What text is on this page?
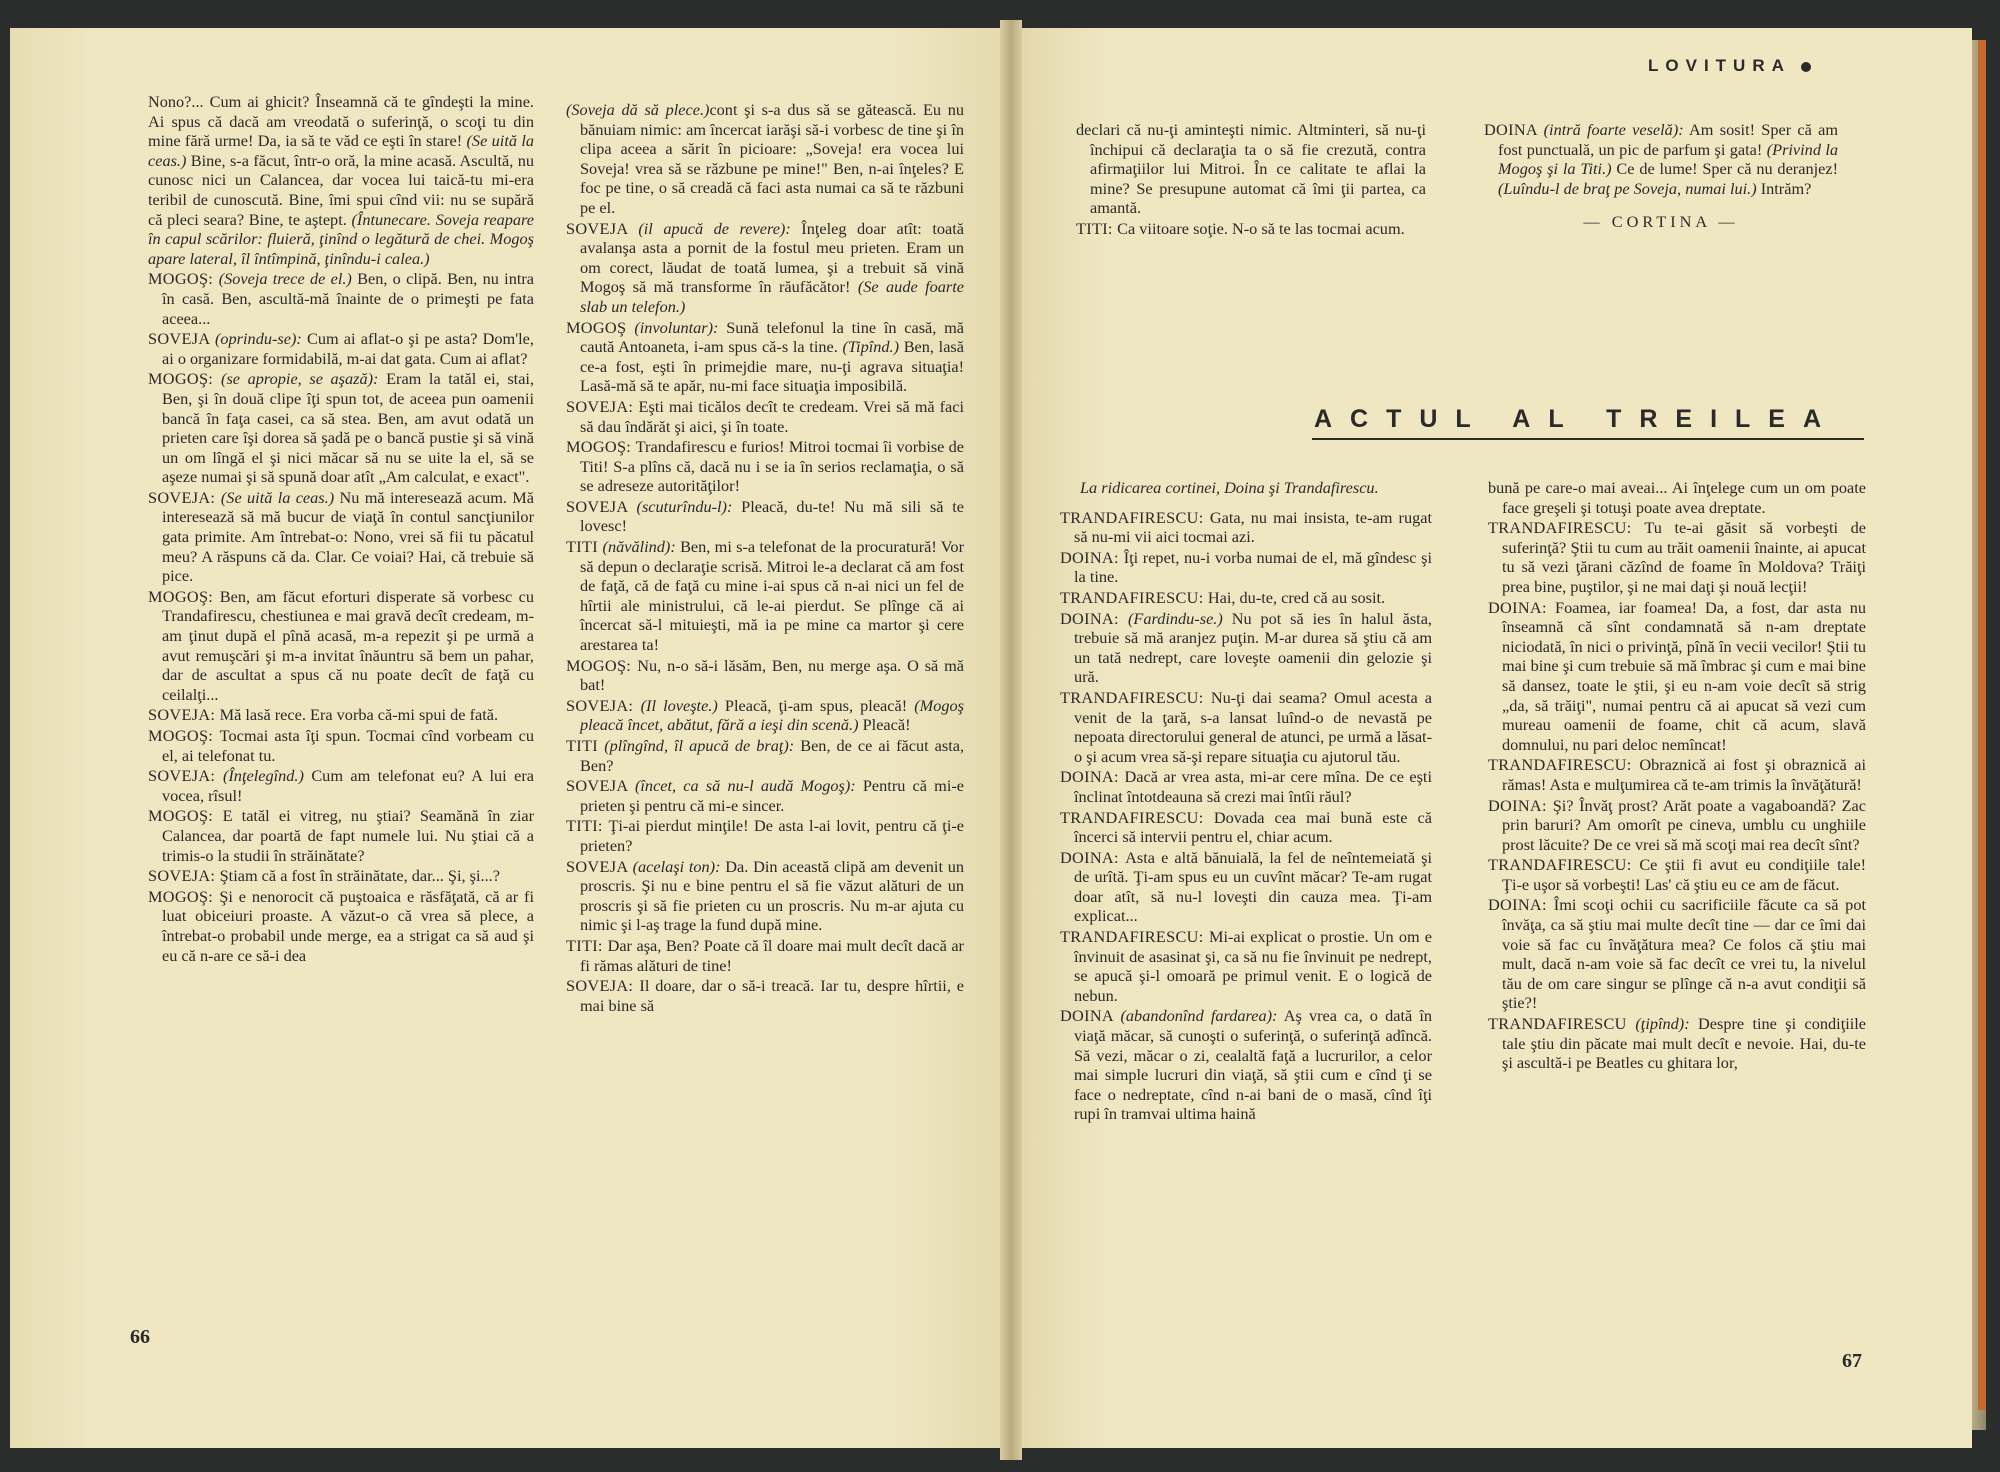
Nono?... Cum ai ghicit? Înseamnă că te gîndeşti la mine. Ai spus că dacă am vreodată o suferinţă, o scoţi tu din mine fără urme! Da, ia să te văd ce eşti în stare! (Se uită la ceas.) Bine, s-a făcut, într-o oră, la mine acasă. Ascultă, nu cunosc nici un Calancea, dar vocea lui taică-tu mi-era teribil de cunoscută. Bine, îmi spui cînd vii: nu se supără că pleci seara? Bine, te aştept. (Întunecare. Soveja reapare în capul scărilor: fluieră, ţinînd o legătură de chei. Mogoş apare lateral, îl întîmpină, ţinîndu-i calea.)

MOGOŞ: (Soveja trece de el.) Ben, o clipă. Ben, nu intra în casă. Ben, ascultă-mă înainte de o primeşti pe fata aceea...

SOVEJA (oprindu-se): Cum ai aflat-o şi pe asta? Dom'le, ai o organizare formidabilă, m-ai dat gata. Cum ai aflat?

MOGOŞ: (se apropie, se aşază): Eram la tatăl ei, stai, Ben, şi în două clipe îţi spun tot, de aceea pun oamenii bancă în faţa casei, ca să stea. Ben, am avut odată un prieten care îşi dorea să şadă pe o bancă pustie şi să vină un om lîngă el şi nici măcar să nu se uite la el, să se aşeze numai şi să spună doar atît „Am calculat, e exact".

SOVEJA: (Se uită la ceas.) Nu mă interesează acum. Mă interesează să mă bucur de viaţă în contul sancţiunilor gata primite. Am întrebat-o: Nono, vrei să fii tu păcatul meu? A răspuns că da. Clar. Ce voiai? Hai, că trebuie să pice.

MOGOŞ: Ben, am făcut eforturi disperate să vorbesc cu Trandafirescu, chestiunea e mai gravă decît credeam, m-am ţinut după el pînă acasă, m-a repezit şi pe urmă a avut remuşcări şi m-a invitat înăuntru să bem un pahar, dar de ascultat a spus că nu poate decît de faţă cu ceilalţi...

SOVEJA: Mă lasă rece. Era vorba că-mi spui de fată.

MOGOŞ: Tocmai asta îţi spun. Tocmai cînd vorbeam cu el, ai telefonat tu.

SOVEJA: (Înţelegînd.) Cum am telefonat eu? A lui era vocea, rîsul!

MOGOŞ: E tatăl ei vitreg, nu ştiai? Seamănă în ziar Calancea, dar poartă de fapt numele lui. Nu ştiai că a trimis-o la studii în străinătate?

SOVEJA: Ştiam că a fost în străinătate, dar... Şi, şi...?

MOGOŞ: Şi e nenorocit că puştoaica e răsfăţată, că ar fi luat obiceiuri proaste. A văzut-o că vrea să plece, a întrebat-o probabil unde merge, ea a strigat ca să aud şi eu că n-are ce să-i dea

(Soveja dă să plece.)cont şi s-a dus să se gătească. Eu nu bănuiam nimic: am încercat iarăşi să-i vorbesc de tine şi în clipa aceea a sărit în picioare: „Soveja! era vocea lui Soveja! vrea să se răzbune pe mine!" Ben, n-ai înţeles? E foc pe tine, o să creadă că faci asta numai ca să te răzbuni pe el.

SOVEJA (il apucă de revere): Înţeleg doar atît: toată avalanşa asta a pornit de la fostul meu prieten. Eram un om corect, lăudat de toată lumea, şi a trebuit să vină Mogoş să mă transforme în răufăcător! (Se aude foarte slab un telefon.)

MOGOŞ (involuntar): Sună telefonul la tine în casă, mă caută Antoaneta, i-am spus că-s la tine. (Tipînd.) Ben, lasă ce-a fost, eşti în primejdie mare, nu-ţi agrava situaţia! Lasă-mă să te apăr, nu-mi face situaţia imposibilă.

SOVEJA: Eşti mai ticălos decît te credeam. Vrei să mă faci să dau îndărăt şi aici, şi în toate.

MOGOŞ: Trandafirescu e furios! Mitroi tocmai îi vorbise de Titi! S-a plîns că, dacă nu i se ia în serios reclamaţia, o să se adreseze autorităţilor!

SOVEJA (scuturîndu-l): Pleacă, du-te! Nu mă sili să te lovesc!

TITI (năvălind): Ben, mi s-a telefonat de la procuratură! Vor să depun o declaraţie scrisă. Mitroi le-a declarat că am fost de faţă, că de faţă cu mine i-ai spus că n-ai nici un fel de hîrtii ale ministrului, că le-ai pierdut. Se plînge că ai încercat să-l mituieşti, mă ia pe mine ca martor şi cere arestarea ta!

MOGOŞ: Nu, n-o să-i lăsăm, Ben, nu merge aşa. O să mă bat!

SOVEJA: (Il loveşte.) Pleacă, ţi-am spus, pleacă! (Mogoş pleacă încet, abătut, fără a ieşi din scenă.) Pleacă!

TITI (plîngînd, îl apucă de braţ): Ben, de ce ai făcut asta, Ben?

SOVEJA (încet, ca să nu-l audă Mogoş): Pentru că mi-e prieten şi pentru că mi-e sincer.

TITI: Ţi-ai pierdut minţile! De asta l-ai lovit, pentru că ţi-e prieten?

SOVEJA (acelaşi ton): Da. Din această clipă am devenit un proscris. Şi nu e bine pentru el să fie văzut alături de un proscris şi să fie prieten cu un proscris. Nu m-ar ajuta cu nimic şi l-aş trage la fund după mine.

TITI: Dar aşa, Ben? Poate că îl doare mai mult decît dacă ar fi rămas alături de tine!

SOVEJA: Il doare, dar o să-i treacă. Iar tu, despre hîrtii, e mai bine să

66
LOVITURA

declari că nu-ţi aminteşti nimic. Altminteri, să nu-ţi închipui că declaraţia ta o să fie crezută, contra afirmaţiilor lui Mitroi. În ce calitate te aflai la mine? Se presupune automat că îmi ţii partea, ca amantă.

TITI: Ca viitoare soţie. N-o să te las tocmai acum.

DOINA (intră foarte veselă): Am sosit! Sper că am fost punctuală, un pic de parfum şi gata! (Privind la Mogoş şi la Titi.) Ce de lume! Sper că nu deranjez! (Luîndu-l de braţ pe Soveja, numai lui.) Intrăm?

— CORTINA —
ACTUL AL TREILEA

La ridicarea cortinei, Doina şi Trandafirescu.

TRANDAFIRESCU: Gata, nu mai insista, te-am rugat să nu-mi vii aici tocmai azi.

DOINA: Îţi repet, nu-i vorba numai de el, mă gîndesc şi la tine.

TRANDAFIRESCU: Hai, du-te, cred că au sosit.

DOINA: (Fardindu-se.) Nu pot să ies în halul ăsta, trebuie să mă aranjez puţin. M-ar durea să ştiu că am un tată nedrept, care loveşte oamenii din gelozie şi ură.

TRANDAFIRESCU: Nu-ţi dai seama? Omul acesta a venit de la ţară, s-a lansat luînd-o de nevastă pe nepoata directorului general de atunci, pe urmă a lăsat-o şi acum vrea să-şi repare situaţia cu ajutorul tău.

DOINA: Dacă ar vrea asta, mi-ar cere mîna. De ce eşti înclinat întotdeauna să crezi mai întîi răul?

TRANDAFIRESCU: Dovada cea mai bună este că încerci să intervii pentru el, chiar acum.

DOINA: Asta e altă bănuială, la fel de neîntemeiată şi de urîtă. Ţi-am spus eu un cuvînt măcar? Te-am rugat doar atît, să nu-l loveşti din cauza mea. Ţi-am explicat...

TRANDAFIRESCU: Mi-ai explicat o prostie. Un om e învinuit de asasinat şi, ca să nu fie învinuit pe nedrept, se apucă şi-l omoară pe primul venit. E o logică de nebun.

DOINA (abandonînd fardarea): Aş vrea ca, o dată în viaţă măcar, să cunoşti o suferinţă, o suferinţă adîncă. Să vezi, măcar o zi, cealaltă faţă a lucrurilor, a celor mai simple lucruri din viaţă, să ştii cum e cînd ţi se face o nedreptate, cînd n-ai bani de o masă, cînd îţi rupi în tramvai ultima haină

bună pe care-o mai aveai... Ai înţelege cum un om poate face greşeli şi totuşi poate avea dreptate.

TRANDAFIRESCU: Tu te-ai găsit să vorbeşti de suferinţă? Ştii tu cum au trăit oamenii înainte, ai apucat tu să vezi ţărani căzînd de foame în Moldova? Trăiţi prea bine, puştilor, şi ne mai daţi şi nouă lecţii!

DOINA: Foamea, iar foamea! Da, a fost, dar asta nu înseamnă că sînt condamnată să n-am dreptate niciodată, în nici o privinţă, pînă în vecii vecilor! Ştii tu mai bine şi cum trebuie să mă îmbrac şi cum e mai bine să dansez, toate le ştii, şi eu n-am voie decît să strig „da, să trăiţi", numai pentru că ai apucat să vezi cum mureau oamenii de foame, chit că acum, slavă domnului, nu pari deloc nemîncat!

TRANDAFIRESCU: Obraznică ai fost şi obraznică ai rămas! Asta e mulţumirea că te-am trimis la învăţătură!

DOINA: Şi? Învăţ prost? Arăt poate a vagaboandă? Zac prin baruri? Am omorît pe cineva, umblu cu unghiile prost lăcuite? De ce vrei să mă scoţi mai rea decît sînt?

TRANDAFIRESCU: Ce ştii fi avut eu condiţiile tale! Ţi-e uşor să vorbeşti! Las' că ştiu eu ce am de făcut.

DOINA: Îmi scoţi ochii cu sacrificiile făcute ca să pot învăţa, ca să ştiu mai multe decît tine — dar ce îmi dai voie să fac cu învăţătura mea? Ce folos că ştiu mai mult, dacă n-am voie să fac decît ce vrei tu, la nivelul tău de om care singur se plînge că n-a avut condiţii să ştie?!

TRANDAFIRESCU (ţipînd): Despre tine şi condiţiile tale ştiu din păcate mai mult decît e nevoie. Hai, du-te şi ascultă-i pe Beatles cu ghitara lor,

67
